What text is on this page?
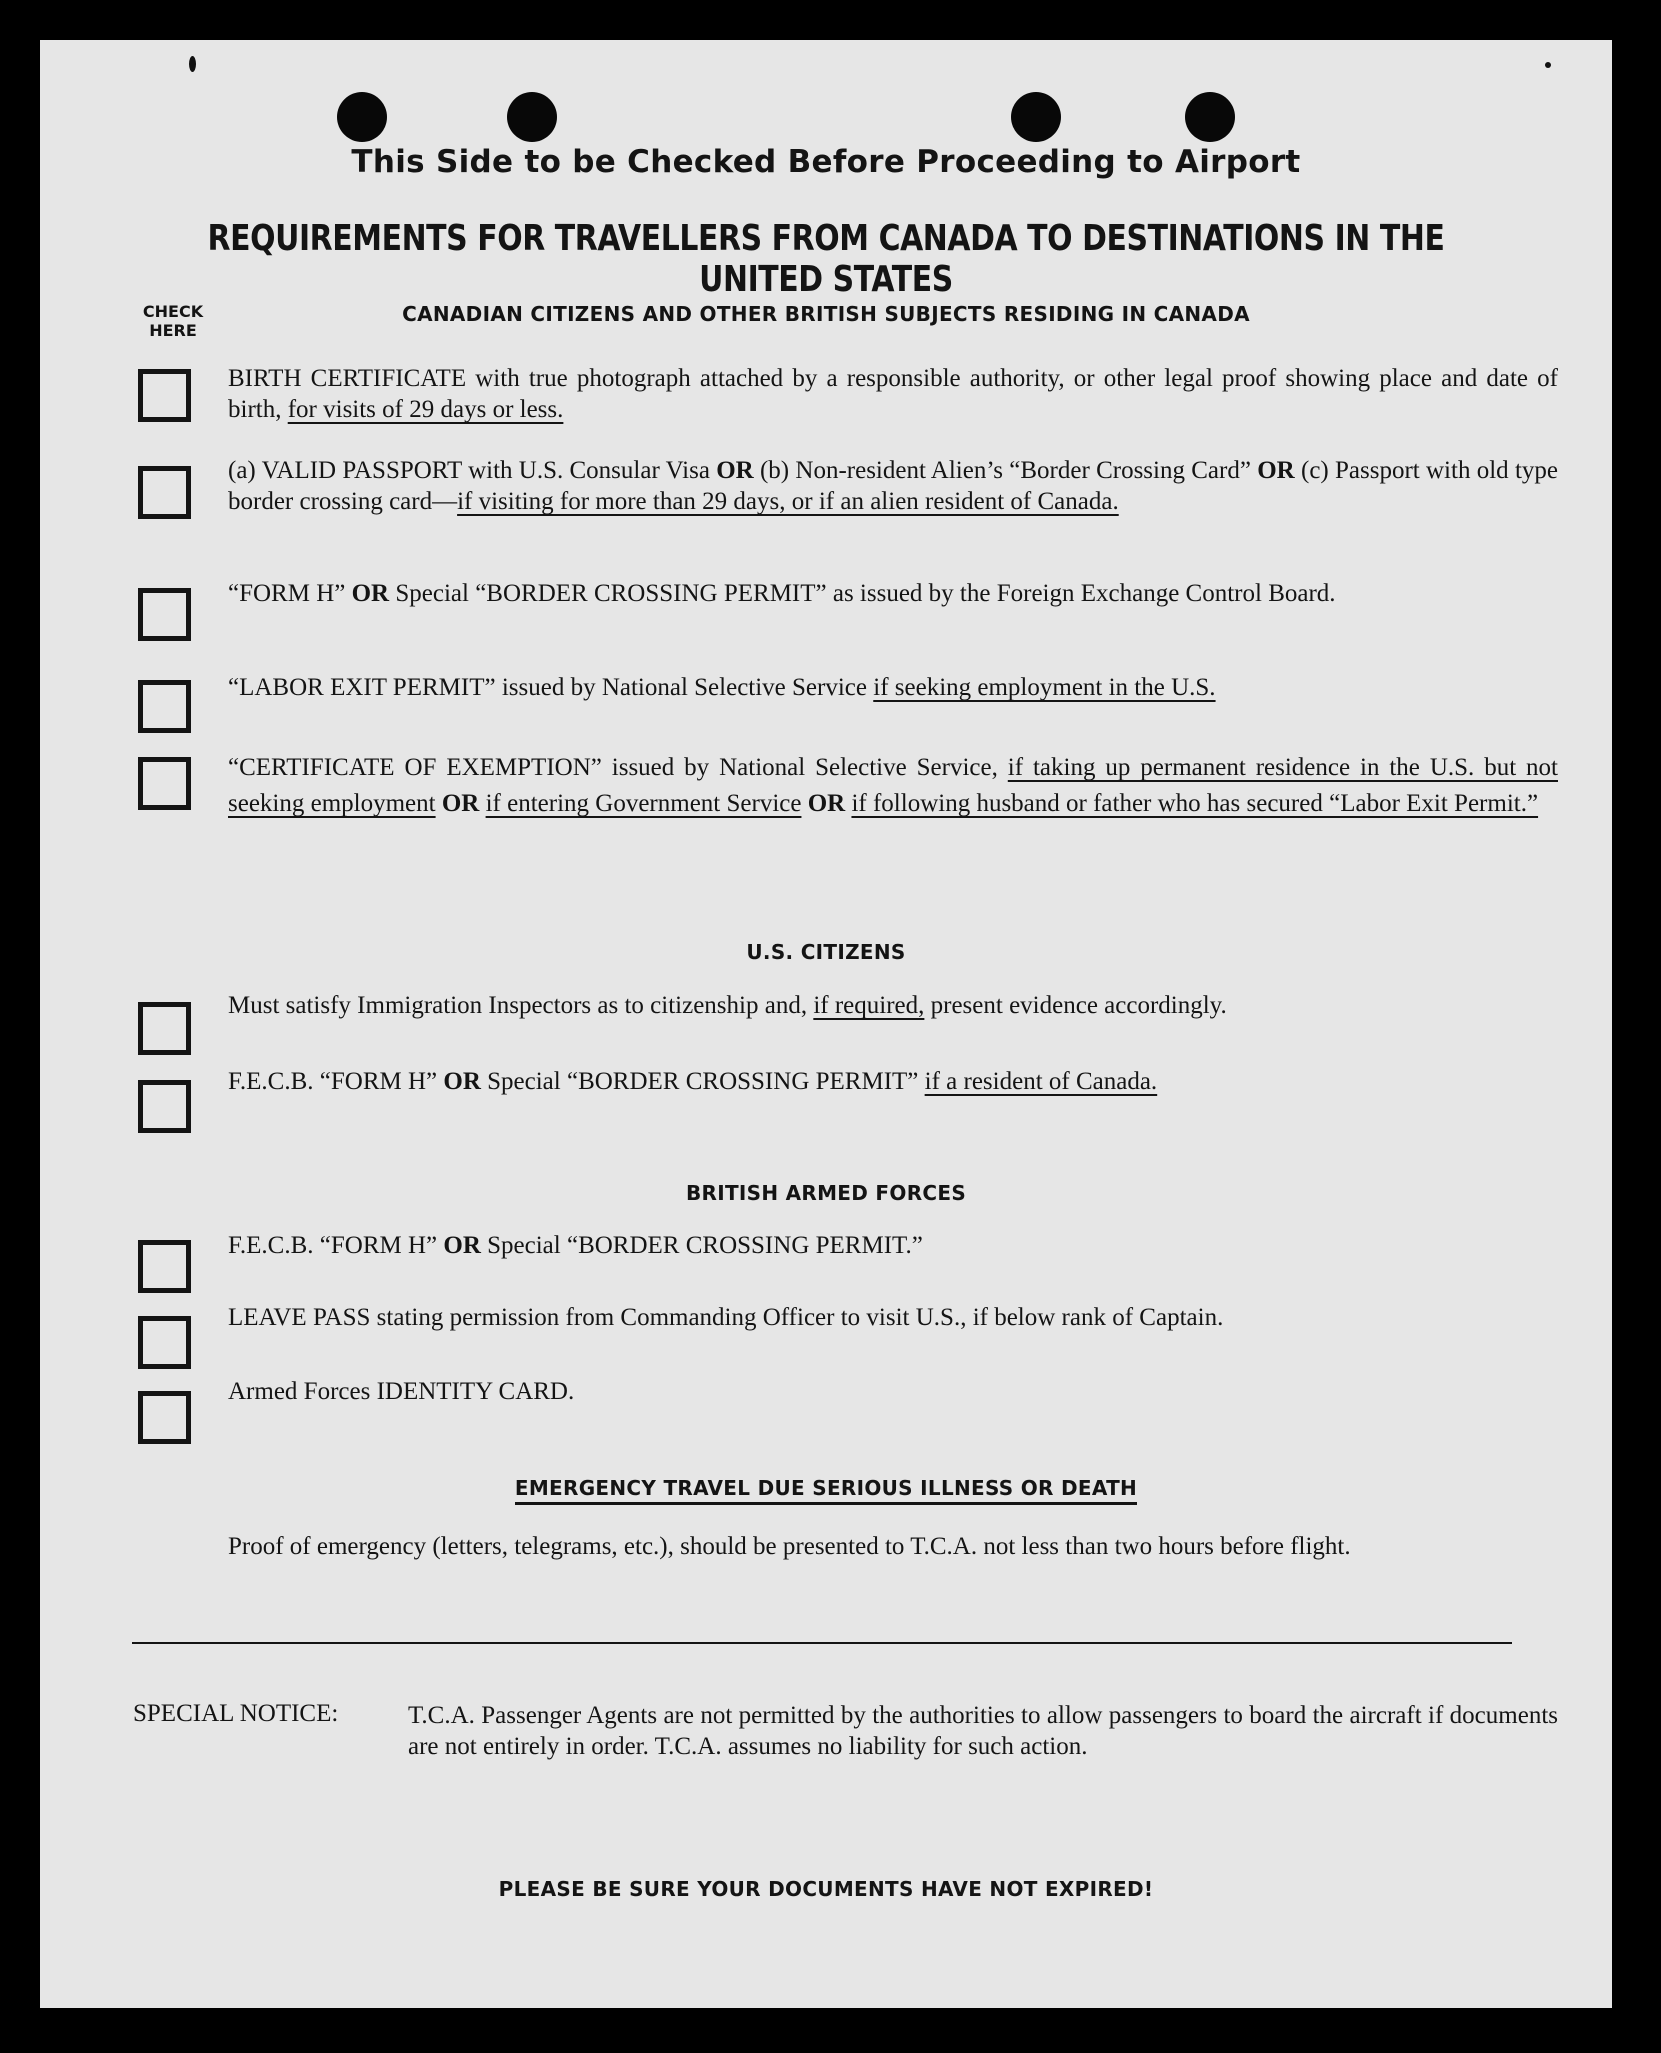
This Side to be Checked Before Proceeding to Airport
REQUIREMENTS FOR TRAVELLERS FROM CANADA TO DESTINATIONS IN THE UNITED STATES
CHECK
HERE
CANADIAN CITIZENS AND OTHER BRITISH SUBJECTS RESIDING IN CANADA

BIRTH CERTIFICATE with true photograph attached by a responsible authority, or other legal proof showing place and date of birth, for visits of 29 days or less.

(a) VALID PASSPORT with U.S. Consular Visa OR (b) Non-resident Alien’s “Border Crossing Card” OR (c) Passport with old type border crossing card—if visiting for more than 29 days, or if an alien resident of Canada.

“FORM H” OR Special “BORDER CROSSING PERMIT” as issued by the Foreign Exchange Control Board.

“LABOR EXIT PERMIT” issued by National Selective Service if seeking employment in the U.S.

“CERTIFICATE OF EXEMPTION” issued by National Selective Service, if taking up permanent residence in the U.S. but not seeking employment OR if entering Government Service OR if following husband or father who has secured “Labor Exit Permit.”

U.S. CITIZENS

Must satisfy Immigration Inspectors as to citizenship and, if required, present evidence accordingly.

F.E.C.B. “FORM H” OR Special “BORDER CROSSING PERMIT” if a resident of Canada.

BRITISH ARMED FORCES

F.E.C.B. “FORM H” OR Special “BORDER CROSSING PERMIT.”

LEAVE PASS stating permission from Commanding Officer to visit U.S., if below rank of Captain.

Armed Forces IDENTITY CARD.

EMERGENCY TRAVEL DUE SERIOUS ILLNESS OR DEATH

Proof of emergency (letters, telegrams, etc.), should be presented to T.C.A. not less than two hours before flight.

SPECIAL NOTICE:	T.C.A. Passenger Agents are not permitted by the authorities to allow passengers to board the aircraft if documents are not entirely in order. T.C.A. assumes no liability for such action.
PLEASE BE SURE YOUR DOCUMENTS HAVE NOT EXPIRED!
